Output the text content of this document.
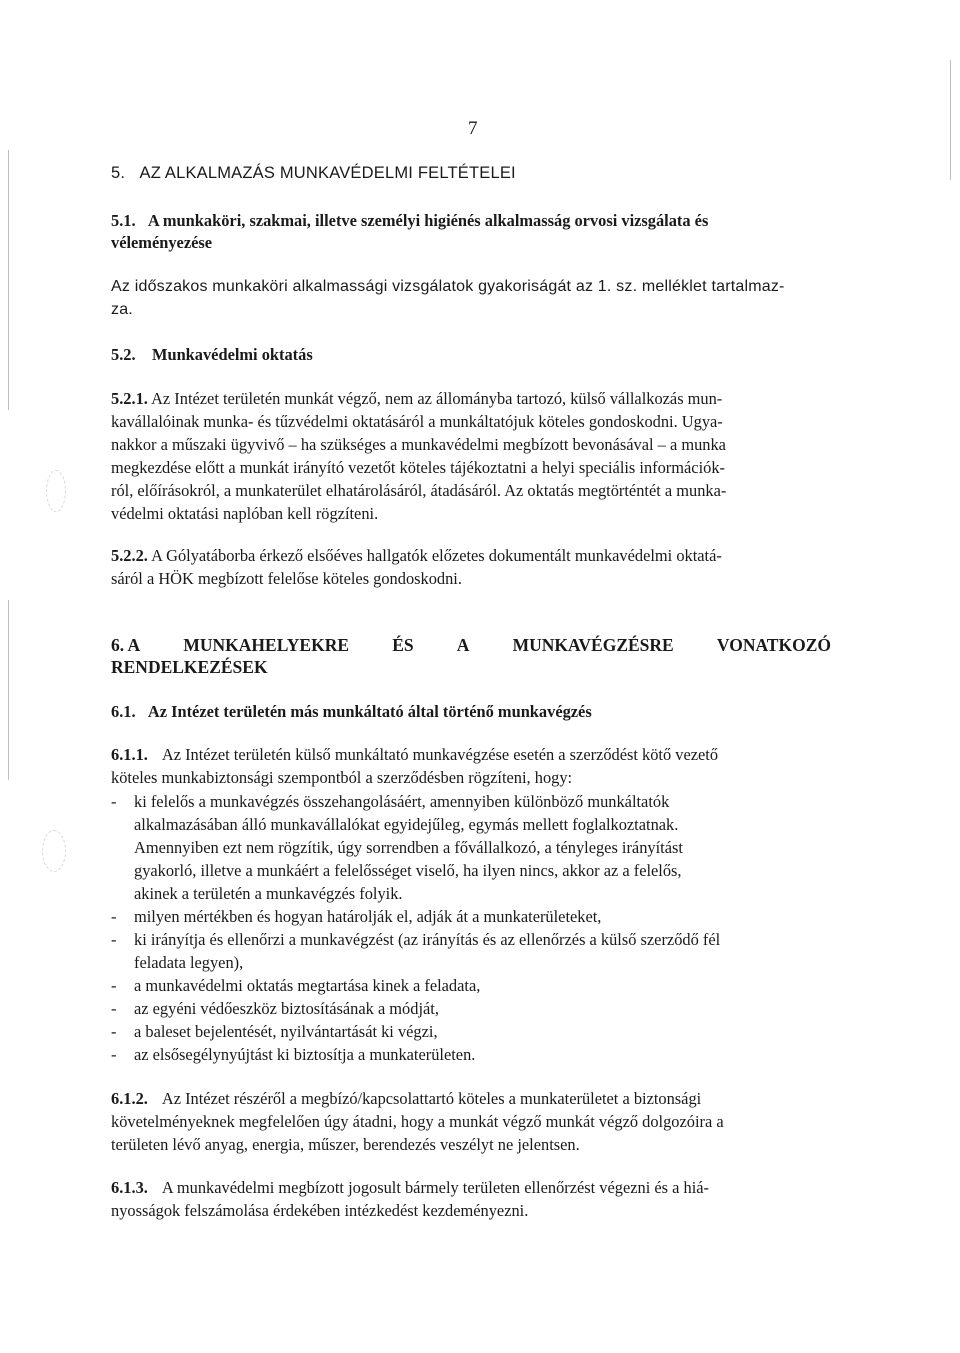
7
5.   AZ ALKALMAZÁS MUNKAVÉDELMI FELTÉTELEI
5.1.   A munkaköri, szakmai, illetve személyi higiénés alkalmasság orvosi vizsgálata és
véleményezése
Az időszakos munkaköri alkalmassági vizsgálatok gyakoriságát az 1. sz. melléklet tartalmaz-
za.
5.2.    Munkavédelmi oktatás
5.2.1. Az Intézet területén munkát végző, nem az állományba tartozó, külső vállalkozás mun-
kavállalóinak munka- és tűzvédelmi oktatásáról a munkáltatójuk köteles gondoskodni. Ugya-
nakkor a műszaki ügyvivő – ha szükséges a munkavédelmi megbízott bevonásával – a munka
megkezdése előtt a munkát irányító vezetőt köteles tájékoztatni a helyi speciális információk-
ról, előírásokról, a munkaterület elhatárolásáról, átadásáról. Az oktatás megtörténtét a munka-
védelmi oktatási naplóban kell rögzíteni.
5.2.2. A Gólyatáborba érkező elsőéves hallgatók előzetes dokumentált munkavédelmi oktatá-
sáról a HÖK megbízott felelőse köteles gondoskodni.
6. A MUNKAHELYEKRE ÉS A MUNKAVÉGZÉSRE VONATKOZÓ
RENDELKEZÉSEK
6.1.   Az Intézet területén más munkáltató által történő munkavégzés
6.1.1. Az Intézet területén külső munkáltató munkavégzése esetén a szerződést kötő vezető
köteles munkabiztonsági szempontból a szerződésben rögzíteni, hogy:
- ki felelős a munkavégzés összehangolásáért, amennyiben különböző munkáltatók
alkalmazásában álló munkavállalókat egyidejűleg, egymás mellett foglalkoztatnak.
Amennyiben ezt nem rögzítik, úgy sorrendben a fővállalkozó, a tényleges irányítást
gyakorló, illetve a munkáért a felelősséget viselő, ha ilyen nincs, akkor az a felelős,
akinek a területén a munkavégzés folyik.
- milyen mértékben és hogyan határolják el, adják át a munkaterületeket,
- ki irányítja és ellenőrzi a munkavégzést (az irányítás és az ellenőrzés a külső szerződő fél
feladata legyen),
- a munkavédelmi oktatás megtartása kinek a feladata,
- az egyéni védőeszköz biztosításának a módját,
- a baleset bejelentését, nyilvántartását ki végzi,
- az elsősegélynyújtást ki biztosítja a munkaterületen.
6.1.2. Az Intézet részéről a megbízó/kapcsolattartó köteles a munkaterületet a biztonsági
követelményeknek megfelelően úgy átadni, hogy a munkát végző munkát végző dolgozóira a
területen lévő anyag, energia, műszer, berendezés veszélyt ne jelentsen.
6.1.3. A munkavédelmi megbízott jogosult bármely területen ellenőrzést végezni és a hiá-
nyosságok felszámolása érdekében intézkedést kezdeményezni.
